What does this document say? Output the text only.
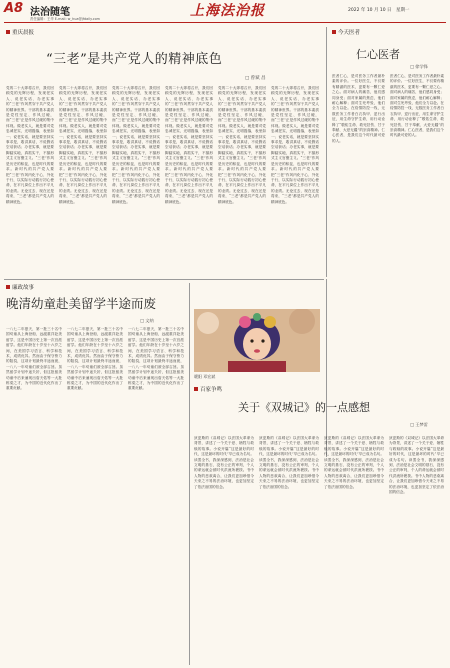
A8 法治随笔
责任编辑：王华 E-mail: w_hua@jfdaily.com	上海法治报	2022 年 10 月 10 日　星期一
重庆晨报
“三老”是共产党人的精神底色
□ 曾斌 昌
党的二十大即将召开，我们回顾党的光辉历程，发现老实人、说老实话、办老实事的“三老”作风贯穿于共产党人的精神世界。干部的基本素质是党性坚定、作风过硬，而“三老”正是作风过硬的集中体现。做老实人，就是要对党忠诚老实，光明磊落，表里如一；说老实话，就是要坚持实事求是，敢讲真话，不说假话空话套话；办老实事，就是要脚踏实地，真抓实干，不搞形式主义官僚主义。“三老”作风是历史的积淀，也是时代的要求。新时代的共产党人要把“三老”作风内化于心、外化于行，以实际行动践行初心使命，在平凡岗位上作出不平凡的业绩。无论过去、现在还是将来，“三老”都是共产党人的精神底色。
党的二十大即将召开，我们回顾党的光辉历程，发现老实人、说老实话、办老实事的“三老”作风贯穿于共产党人的精神世界。干部的基本素质是党性坚定、作风过硬，而“三老”正是作风过硬的集中体现。做老实人，就是要对党忠诚老实，光明磊落，表里如一；说老实话，就是要坚持实事求是，敢讲真话，不说假话空话套话；办老实事，就是要脚踏实地，真抓实干，不搞形式主义官僚主义。“三老”作风是历史的积淀，也是时代的要求。新时代的共产党人要把“三老”作风内化于心、外化于行，以实际行动践行初心使命，在平凡岗位上作出不平凡的业绩。无论过去、现在还是将来，“三老”都是共产党人的精神底色。
党的二十大即将召开，我们回顾党的光辉历程，发现老实人、说老实话、办老实事的“三老”作风贯穿于共产党人的精神世界。干部的基本素质是党性坚定、作风过硬，而“三老”正是作风过硬的集中体现。做老实人，就是要对党忠诚老实，光明磊落，表里如一；说老实话，就是要坚持实事求是，敢讲真话，不说假话空话套话；办老实事，就是要脚踏实地，真抓实干，不搞形式主义官僚主义。“三老”作风是历史的积淀，也是时代的要求。新时代的共产党人要把“三老”作风内化于心、外化于行，以实际行动践行初心使命，在平凡岗位上作出不平凡的业绩。无论过去、现在还是将来，“三老”都是共产党人的精神底色。
党的二十大即将召开，我们回顾党的光辉历程，发现老实人、说老实话、办老实事的“三老”作风贯穿于共产党人的精神世界。干部的基本素质是党性坚定、作风过硬，而“三老”正是作风过硬的集中体现。做老实人，就是要对党忠诚老实，光明磊落，表里如一；说老实话，就是要坚持实事求是，敢讲真话，不说假话空话套话；办老实事，就是要脚踏实地，真抓实干，不搞形式主义官僚主义。“三老”作风是历史的积淀，也是时代的要求。新时代的共产党人要把“三老”作风内化于心、外化于行，以实际行动践行初心使命，在平凡岗位上作出不平凡的业绩。无论过去、现在还是将来，“三老”都是共产党人的精神底色。
党的二十大即将召开，我们回顾党的光辉历程，发现老实人、说老实话、办老实事的“三老”作风贯穿于共产党人的精神世界。干部的基本素质是党性坚定、作风过硬，而“三老”正是作风过硬的集中体现。做老实人，就是要对党忠诚老实，光明磊落，表里如一；说老实话，就是要坚持实事求是，敢讲真话，不说假话空话套话；办老实事，就是要脚踏实地，真抓实干，不搞形式主义官僚主义。“三老”作风是历史的积淀，也是时代的要求。新时代的共产党人要把“三老”作风内化于心、外化于行，以实际行动践行初心使命，在平凡岗位上作出不平凡的业绩。无论过去、现在还是将来，“三老”都是共产党人的精神底色。
党的二十大即将召开，我们回顾党的光辉历程，发现老实人、说老实话、办老实事的“三老”作风贯穿于共产党人的精神世界。干部的基本素质是党性坚定、作风过硬，而“三老”正是作风过硬的集中体现。做老实人，就是要对党忠诚老实，光明磊落，表里如一；说老实话，就是要坚持实事求是，敢讲真话，不说假话空话套话；办老实事，就是要脚踏实地，真抓实干，不搞形式主义官僚主义。“三老”作风是历史的积淀，也是时代的要求。新时代的共产党人要把“三老”作风内化于心、外化于行，以实际行动践行初心使命，在平凡岗位上作出不平凡的业绩。无论过去、现在还是将来，“三老”都是共产党人的精神底色。
今天医者
仁心医者
□ 徐学锋
医者仁心，是对医务工作者最朴素的评价。一位好医生，不仅要有精湛的医术，更要有一颗仁爱之心。面对病人的痛苦，他们感同身受；面对家属的焦虑，他们耐心解释；面对生死考验，他们全力以赴。在疫情防控一线，无数医务工作者白衣执甲、逆行出征，用生命守护生命，用行动诠释了“敬佑生命、救死扶伤、甘于奉献、大爱无疆”的崇高精神。仁心医者，是我们这个时代最可爱的人。
医者仁心，是对医务工作者最朴素的评价。一位好医生，不仅要有精湛的医术，更要有一颗仁爱之心。面对病人的痛苦，他们感同身受；面对家属的焦虑，他们耐心解释；面对生死考验，他们全力以赴。在疫情防控一线，无数医务工作者白衣执甲、逆行出征，用生命守护生命，用行动诠释了“敬佑生命、救死扶伤、甘于奉献、大爱无疆”的崇高精神。仁心医者，是我们这个时代最可爱的人。
廉政故事
晚清幼童赴美留学半途而废
□ 文纳
一八七二年夏天，第一批三十名中国幼童从上海登船，远渡重洋赴美留学，这是中国历史上第一次官派留学。他们年龄在十岁至十六岁之间，在美国学习语言、科学和技术，成绩优异。然而由于保守势力的阻挠，这项计划最终半途而废，一八八一年幼童们被全部召回。虽然留学计划中途夭折，但这批留美幼童中后来涌现出詹天佑等一大批栋梁之才，为中国的近代化作出了重要贡献。
一八七二年夏天，第一批三十名中国幼童从上海登船，远渡重洋赴美留学，这是中国历史上第一次官派留学。他们年龄在十岁至十六岁之间，在美国学习语言、科学和技术，成绩优异。然而由于保守势力的阻挠，这项计划最终半途而废，一八八一年幼童们被全部召回。虽然留学计划中途夭折，但这批留美幼童中后来涌现出詹天佑等一大批栋梁之才，为中国的近代化作出了重要贡献。
一八七二年夏天，第一批三十名中国幼童从上海登船，远渡重洋赴美留学，这是中国历史上第一次官派留学。他们年龄在十岁至十六岁之间，在美国学习语言、科学和技术，成绩优异。然而由于保守势力的阻挠，这项计划最终半途而废，一八八一年幼童们被全部召回。虽然留学计划中途夭折，但这批留美幼童中后来涌现出詹天佑等一大批栋梁之才，为中国的近代化作出了重要贡献。
暖阳 邓宏斌
百家争鸣
关于《双城记》的一点感想
□ 王梦雷
狄更斯的《双城记》以法国大革命为背景，讲述了一个关于爱、牺牲与救赎的故事。小说开篇“这是最好的时代，这是最坏的时代”早已成为名句。读罢全书，我深深感到，法治是社会文明的基石，没有公正的审判，个人的命运就会被时代洪流所裹挟。书中人物的悲欢离合，让我们更加珍惜今天来之不易的法治环境，也更加坚定了依法治国的信念。
狄更斯的《双城记》以法国大革命为背景，讲述了一个关于爱、牺牲与救赎的故事。小说开篇“这是最好的时代，这是最坏的时代”早已成为名句。读罢全书，我深深感到，法治是社会文明的基石，没有公正的审判，个人的命运就会被时代洪流所裹挟。书中人物的悲欢离合，让我们更加珍惜今天来之不易的法治环境，也更加坚定了依法治国的信念。
狄更斯的《双城记》以法国大革命为背景，讲述了一个关于爱、牺牲与救赎的故事。小说开篇“这是最好的时代，这是最坏的时代”早已成为名句。读罢全书，我深深感到，法治是社会文明的基石，没有公正的审判，个人的命运就会被时代洪流所裹挟。书中人物的悲欢离合，让我们更加珍惜今天来之不易的法治环境，也更加坚定了依法治国的信念。
狄更斯的《双城记》以法国大革命为背景，讲述了一个关于爱、牺牲与救赎的故事。小说开篇“这是最好的时代，这是最坏的时代”早已成为名句。读罢全书，我深深感到，法治是社会文明的基石，没有公正的审判，个人的命运就会被时代洪流所裹挟。书中人物的悲欢离合，让我们更加珍惜今天来之不易的法治环境，也更加坚定了依法治国的信念。
